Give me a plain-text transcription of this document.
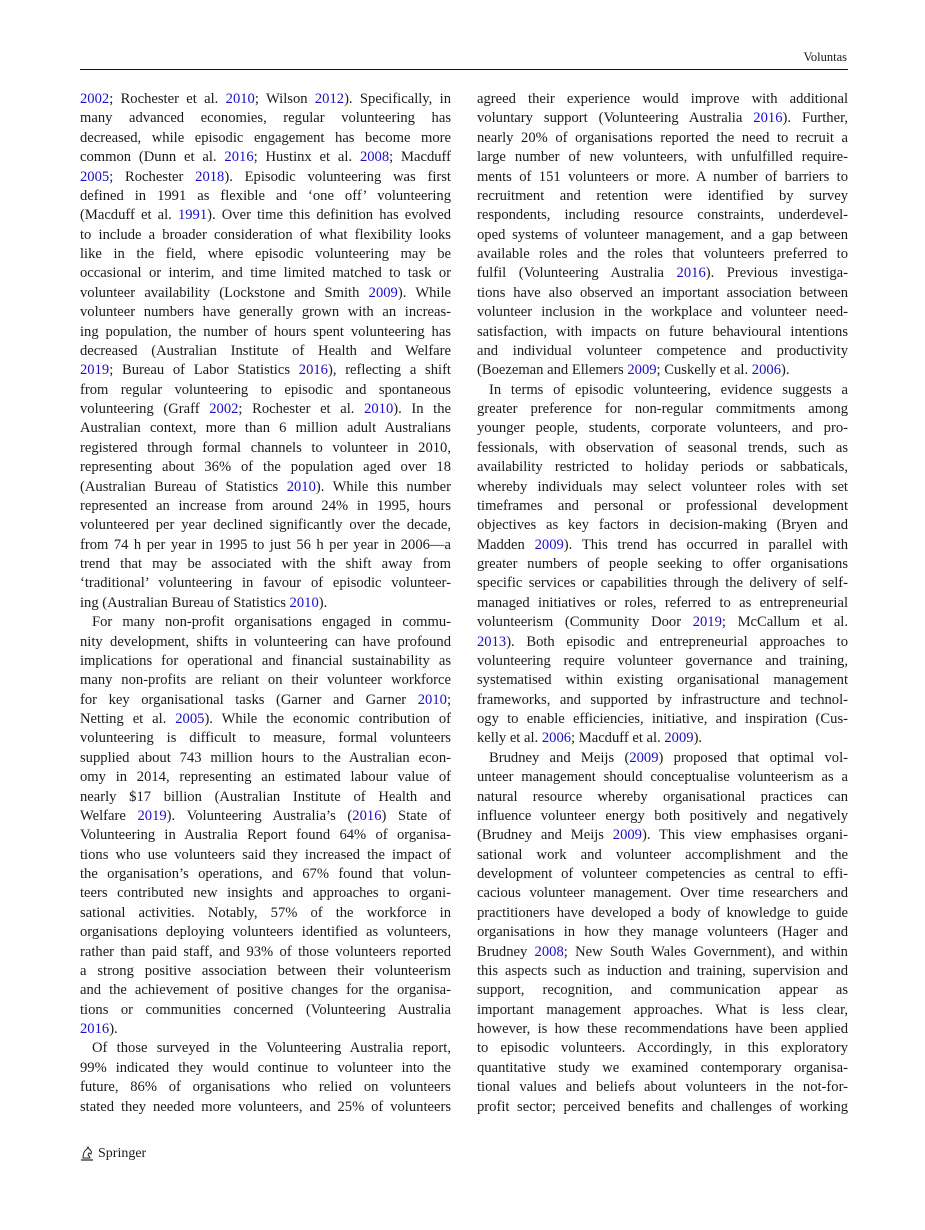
Voluntas
2002; Rochester et al. 2010; Wilson 2012). Specifically, in
many advanced economies, regular volunteering has
decreased, while episodic engagement has become more
common (Dunn et al. 2016; Hustinx et al. 2008; Macduff
2005; Rochester 2018). Episodic volunteering was first
defined in 1991 as flexible and ‘one off’ volunteering
(Macduff et al. 1991). Over time this definition has evolved
to include a broader consideration of what flexibility looks
like in the field, where episodic volunteering may be
occasional or interim, and time limited matched to task or
volunteer availability (Lockstone and Smith 2009). While
volunteer numbers have generally grown with an increas-
ing population, the number of hours spent volunteering has
decreased (Australian Institute of Health and Welfare
2019; Bureau of Labor Statistics 2016), reflecting a shift
from regular volunteering to episodic and spontaneous
volunteering (Graff 2002; Rochester et al. 2010). In the
Australian context, more than 6 million adult Australians
registered through formal channels to volunteer in 2010,
representing about 36% of the population aged over 18
(Australian Bureau of Statistics 2010). While this number
represented an increase from around 24% in 1995, hours
volunteered per year declined significantly over the decade,
from 74 h per year in 1995 to just 56 h per year in 2006—a
trend that may be associated with the shift away from
‘traditional’ volunteering in favour of episodic volunteer-
ing (Australian Bureau of Statistics 2010).
For many non-profit organisations engaged in commu-
nity development, shifts in volunteering can have profound
implications for operational and financial sustainability as
many non-profits are reliant on their volunteer workforce
for key organisational tasks (Garner and Garner 2010;
Netting et al. 2005). While the economic contribution of
volunteering is difficult to measure, formal volunteers
supplied about 743 million hours to the Australian econ-
omy in 2014, representing an estimated labour value of
nearly $17 billion (Australian Institute of Health and
Welfare 2019). Volunteering Australia’s (2016) State of
Volunteering in Australia Report found 64% of organisa-
tions who use volunteers said they increased the impact of
the organisation’s operations, and 67% found that volun-
teers contributed new insights and approaches to organi-
sational activities. Notably, 57% of the workforce in
organisations deploying volunteers identified as volunteers,
rather than paid staff, and 93% of those volunteers reported
a strong positive association between their volunteerism
and the achievement of positive changes for the organisa-
tions or communities concerned (Volunteering Australia
2016).
Of those surveyed in the Volunteering Australia report,
99% indicated they would continue to volunteer into the
future, 86% of organisations who relied on volunteers
stated they needed more volunteers, and 25% of volunteers
agreed their experience would improve with additional
voluntary support (Volunteering Australia 2016). Further,
nearly 20% of organisations reported the need to recruit a
large number of new volunteers, with unfulfilled require-
ments of 151 volunteers or more. A number of barriers to
recruitment and retention were identified by survey
respondents, including resource constraints, underdevel-
oped systems of volunteer management, and a gap between
available roles and the roles that volunteers preferred to
fulfil (Volunteering Australia 2016). Previous investiga-
tions have also observed an important association between
volunteer inclusion in the workplace and volunteer need-
satisfaction, with impacts on future behavioural intentions
and individual volunteer competence and productivity
(Boezeman and Ellemers 2009; Cuskelly et al. 2006).
In terms of episodic volunteering, evidence suggests a
greater preference for non-regular commitments among
younger people, students, corporate volunteers, and pro-
fessionals, with observation of seasonal trends, such as
availability restricted to holiday periods or sabbaticals,
whereby individuals may select volunteer roles with set
timeframes and personal or professional development
objectives as key factors in decision-making (Bryen and
Madden 2009). This trend has occurred in parallel with
greater numbers of people seeking to offer organisations
specific services or capabilities through the delivery of self-
managed initiatives or roles, referred to as entrepreneurial
volunteerism (Community Door 2019; McCallum et al.
2013). Both episodic and entrepreneurial approaches to
volunteering require volunteer governance and training,
systematised within existing organisational management
frameworks, and supported by infrastructure and technol-
ogy to enable efficiencies, initiative, and inspiration (Cus-
kelly et al. 2006; Macduff et al. 2009).
Brudney and Meijs (2009) proposed that optimal vol-
unteer management should conceptualise volunteerism as a
natural resource whereby organisational practices can
influence volunteer energy both positively and negatively
(Brudney and Meijs 2009). This view emphasises organi-
sational work and volunteer accomplishment and the
development of volunteer competencies as central to effi-
cacious volunteer management. Over time researchers and
practitioners have developed a body of knowledge to guide
organisations in how they manage volunteers (Hager and
Brudney 2008; New South Wales Government), and within
this aspects such as induction and training, supervision and
support, recognition, and communication appear as
important management approaches. What is less clear,
however, is how these recommendations have been applied
to episodic volunteers. Accordingly, in this exploratory
quantitative study we examined contemporary organisa-
tional values and beliefs about volunteers in the not-for-
profit sector; perceived benefits and challenges of working
Springer
